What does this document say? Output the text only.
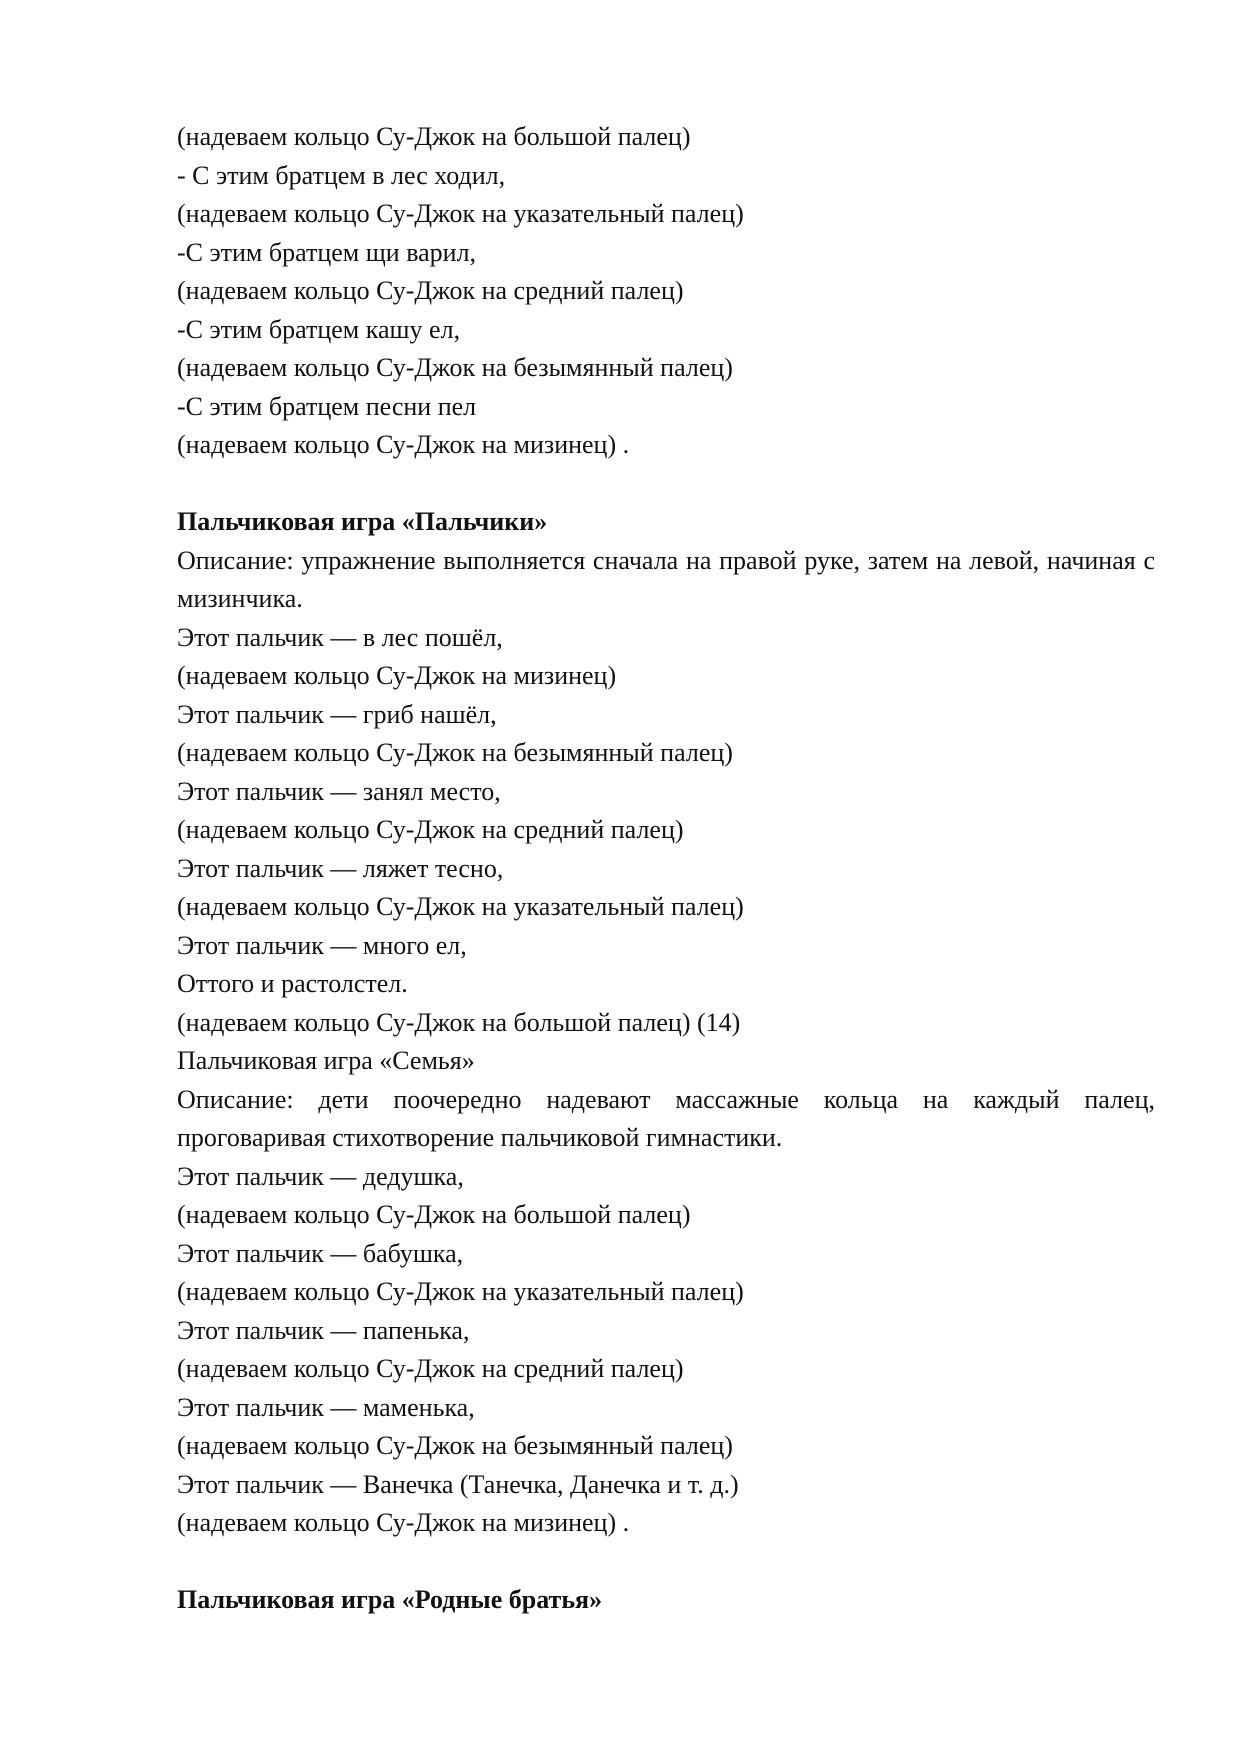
(надеваем кольцо Су-Джок на большой палец)
- С этим братцем в лес ходил,
(надеваем кольцо Су-Джок на указательный палец)
-С этим братцем щи варил,
(надеваем кольцо Су-Джок на средний палец)
-С этим братцем кашу ел,
(надеваем кольцо Су-Джок на безымянный палец)
-С этим братцем песни пел
(надеваем кольцо Су-Джок на мизинец) .
Пальчиковая игра «Пальчики»

Описание: упражнение выполняется сначала на правой руке, затем на левой, начиная с мизинчика.

Этот пальчик — в лес пошёл,
(надеваем кольцо Су-Джок на мизинец)
Этот пальчик — гриб нашёл,
(надеваем кольцо Су-Джок на безымянный палец)
Этот пальчик — занял место,
(надеваем кольцо Су-Джок на средний палец)
Этот пальчик — ляжет тесно,
(надеваем кольцо Су-Джок на указательный палец)
Этот пальчик — много ел,
Оттого и растолстел.
(надеваем кольцо Су-Джок на большой палец) (14)
Пальчиковая игра «Семья»

Описание: дети поочередно надевают массажные кольца на каждый палец, проговаривая стихотворение пальчиковой гимнастики.

Этот пальчик — дедушка,
(надеваем кольцо Су-Джок на большой палец)
Этот пальчик — бабушка,
(надеваем кольцо Су-Джок на указательный палец)
Этот пальчик — папенька,
(надеваем кольцо Су-Джок на средний палец)
Этот пальчик — маменька,
(надеваем кольцо Су-Джок на безымянный палец)
Этот пальчик — Ванечка (Танечка, Данечка и т. д.)
(надеваем кольцо Су-Джок на мизинец) .
Пальчиковая игра «Родные братья»
